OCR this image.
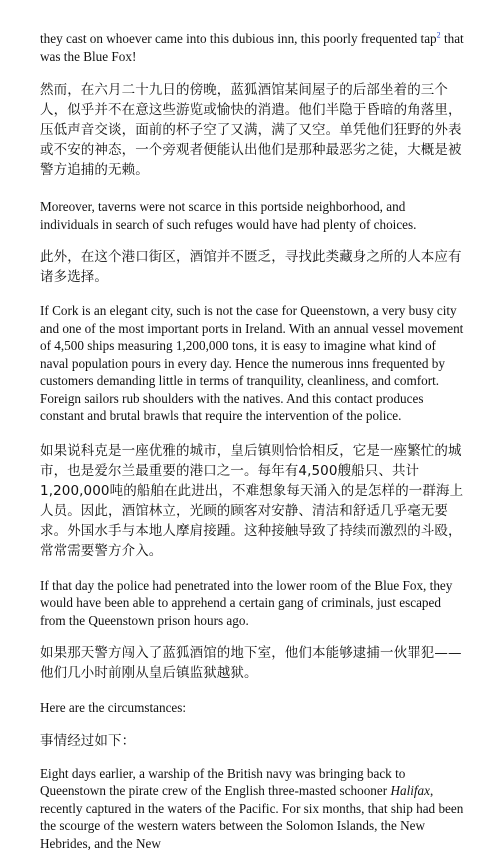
they cast on whoever came into this dubious inn, this poorly frequented tap$^2$ that was the Blue Fox!

然而，在六月二十九日的傍晚，蓝狐酒馆某间屋子的后部坐着的三个人，似乎并不在意这些游览或愉快的消遣。他们半隐于昏暗的角落里，压低声音交谈，面前的杯子空了又满，满了又空。单凭他们狂野的外表或不安的神态，一个旁观者便能认出他们是那种最恶劣之徒，大概是被警方追捕的无赖。

Moreover, taverns were not scarce in this portside neighborhood, and individuals in search of such refuges would have had plenty of choices.

此外，在这个港口街区，酒馆并不匮乏，寻找此类藏身之所的人本应有诸多选择。

If Cork is an elegant city, such is not the case for Queenstown, a very busy city and one of the most important ports in Ireland. With an annual vessel movement of 4,500 ships measuring 1,200,000 tons, it is easy to imagine what kind of naval population pours in every day. Hence the numerous inns frequented by customers demanding little in terms of tranquility, cleanliness, and comfort. Foreign sailors rub shoulders with the natives. And this contact produces constant and brutal brawls that require the intervention of the police.

如果说科克是一座优雅的城市，皇后镇则恰恰相反，它是一座繁忙的城市，也是爱尔兰最重要的港口之一。每年有4,500艘船只、共计1,200,000吨的船舶在此进出，不难想象每天涌入的是怎样的一群海上人员。因此，酒馆林立，光顾的顾客对安静、清洁和舒适几乎毫无要求。外国水手与本地人摩肩接踵。这种接触导致了持续而激烈的斗殴，常常需要警方介入。

If that day the police had penetrated into the lower room of the Blue Fox, they would have been able to apprehend a certain gang of criminals, just escaped from the Queenstown prison hours ago.

如果那天警方闯入了蓝狐酒馆的地下室，他们本能够逮捕一伙罪犯——他们几小时前刚从皇后镇监狱越狱。

Here are the circumstances:

事情经过如下：

Eight days earlier, a warship of the British navy was bringing back to Queenstown the pirate crew of the English three-masted schooner Halifax, recently captured in the waters of the Pacific. For six months, that ship had been the scourge of the western waters between the Solomon Islands, the New Hebrides, and the New
